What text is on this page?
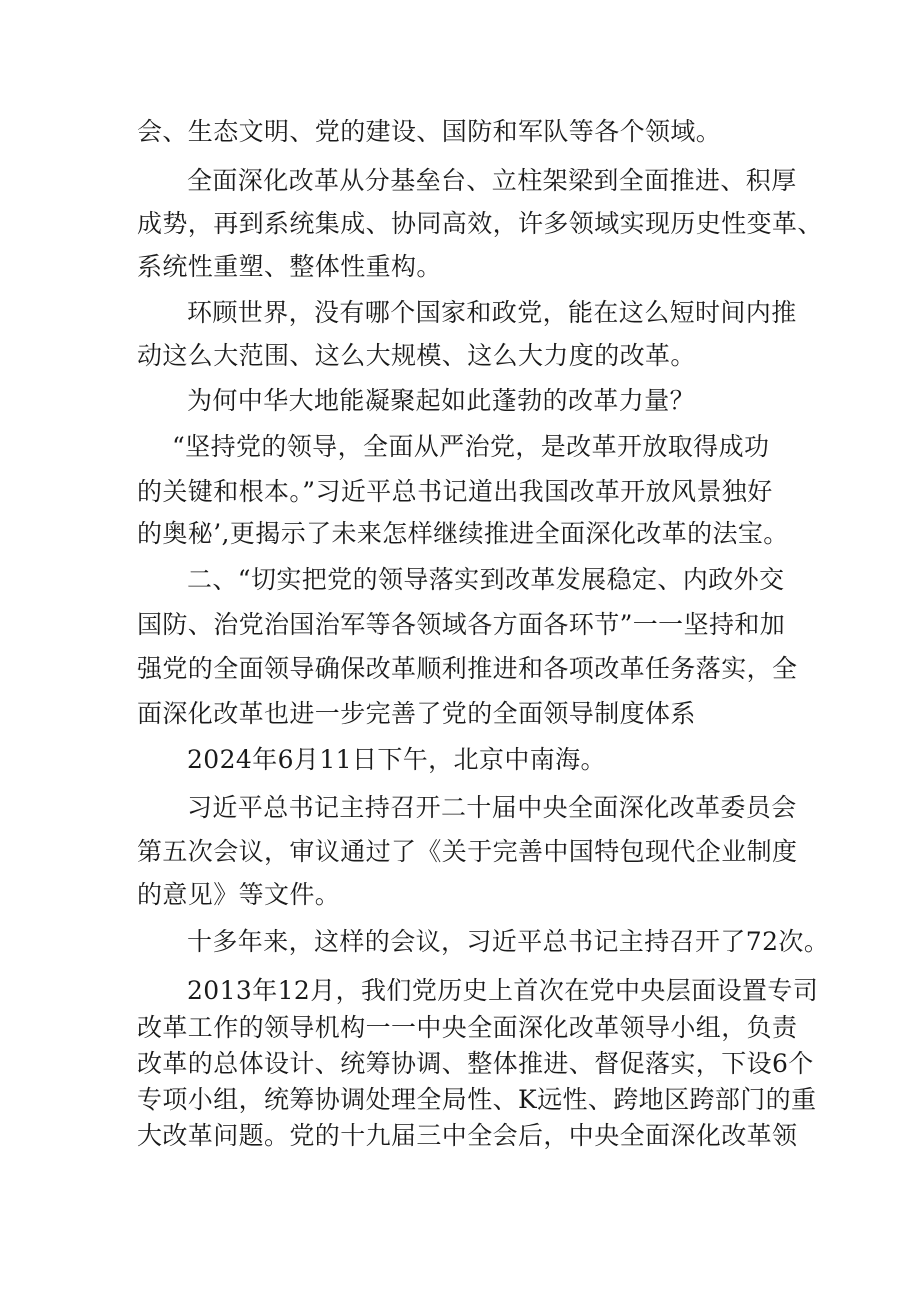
会、生态文明、党的建设、国防和军队等各个领域。
全面深化改革从分基垒台、立柱架梁到全面推进、积厚
成势，再到系统集成、协同高效，许多领域实现历史性变革、
系统性重塑、整体性重构。
环顾世界，没有哪个国家和政党，能在这么短时间内推
动这么大范围、这么大规模、这么大力度的改革。
为何中华大地能凝聚起如此蓬勃的改革力量？
“坚持党的领导，全面从严治党，是改革开放取得成功
的关键和根本。”习近平总书记道出我国改革开放风景独好
的奥秘’,更揭示了未来怎样继续推进全面深化改革的法宝。
二、“切实把党的领导落实到改革发展稳定、内政外交
国防、治党治国治军等各领域各方面各环节”一一坚持和加
强党的全面领导确保改革顺利推进和各项改革任务落实，全
面深化改革也进一步完善了党的全面领导制度体系
2024年6月11日下午，北京中南海。
习近平总书记主持召开二十届中央全面深化改革委员会
第五次会议，审议通过了《关于完善中国特包现代企业制度
的意见》等文件。
十多年来，这样的会议，习近平总书记主持召开了72次。
2013年12月，我们党历史上首次在党中央层面设置专司
改革工作的领导机构一一中央全面深化改革领导小组，负责
改革的总体设计、统筹协调、整体推进、督促落实，下设6个
专项小组，统筹协调处理全局性、K远性、跨地区跨部门的重
大改革问题。党的十九届三中全会后，中央全面深化改革领
